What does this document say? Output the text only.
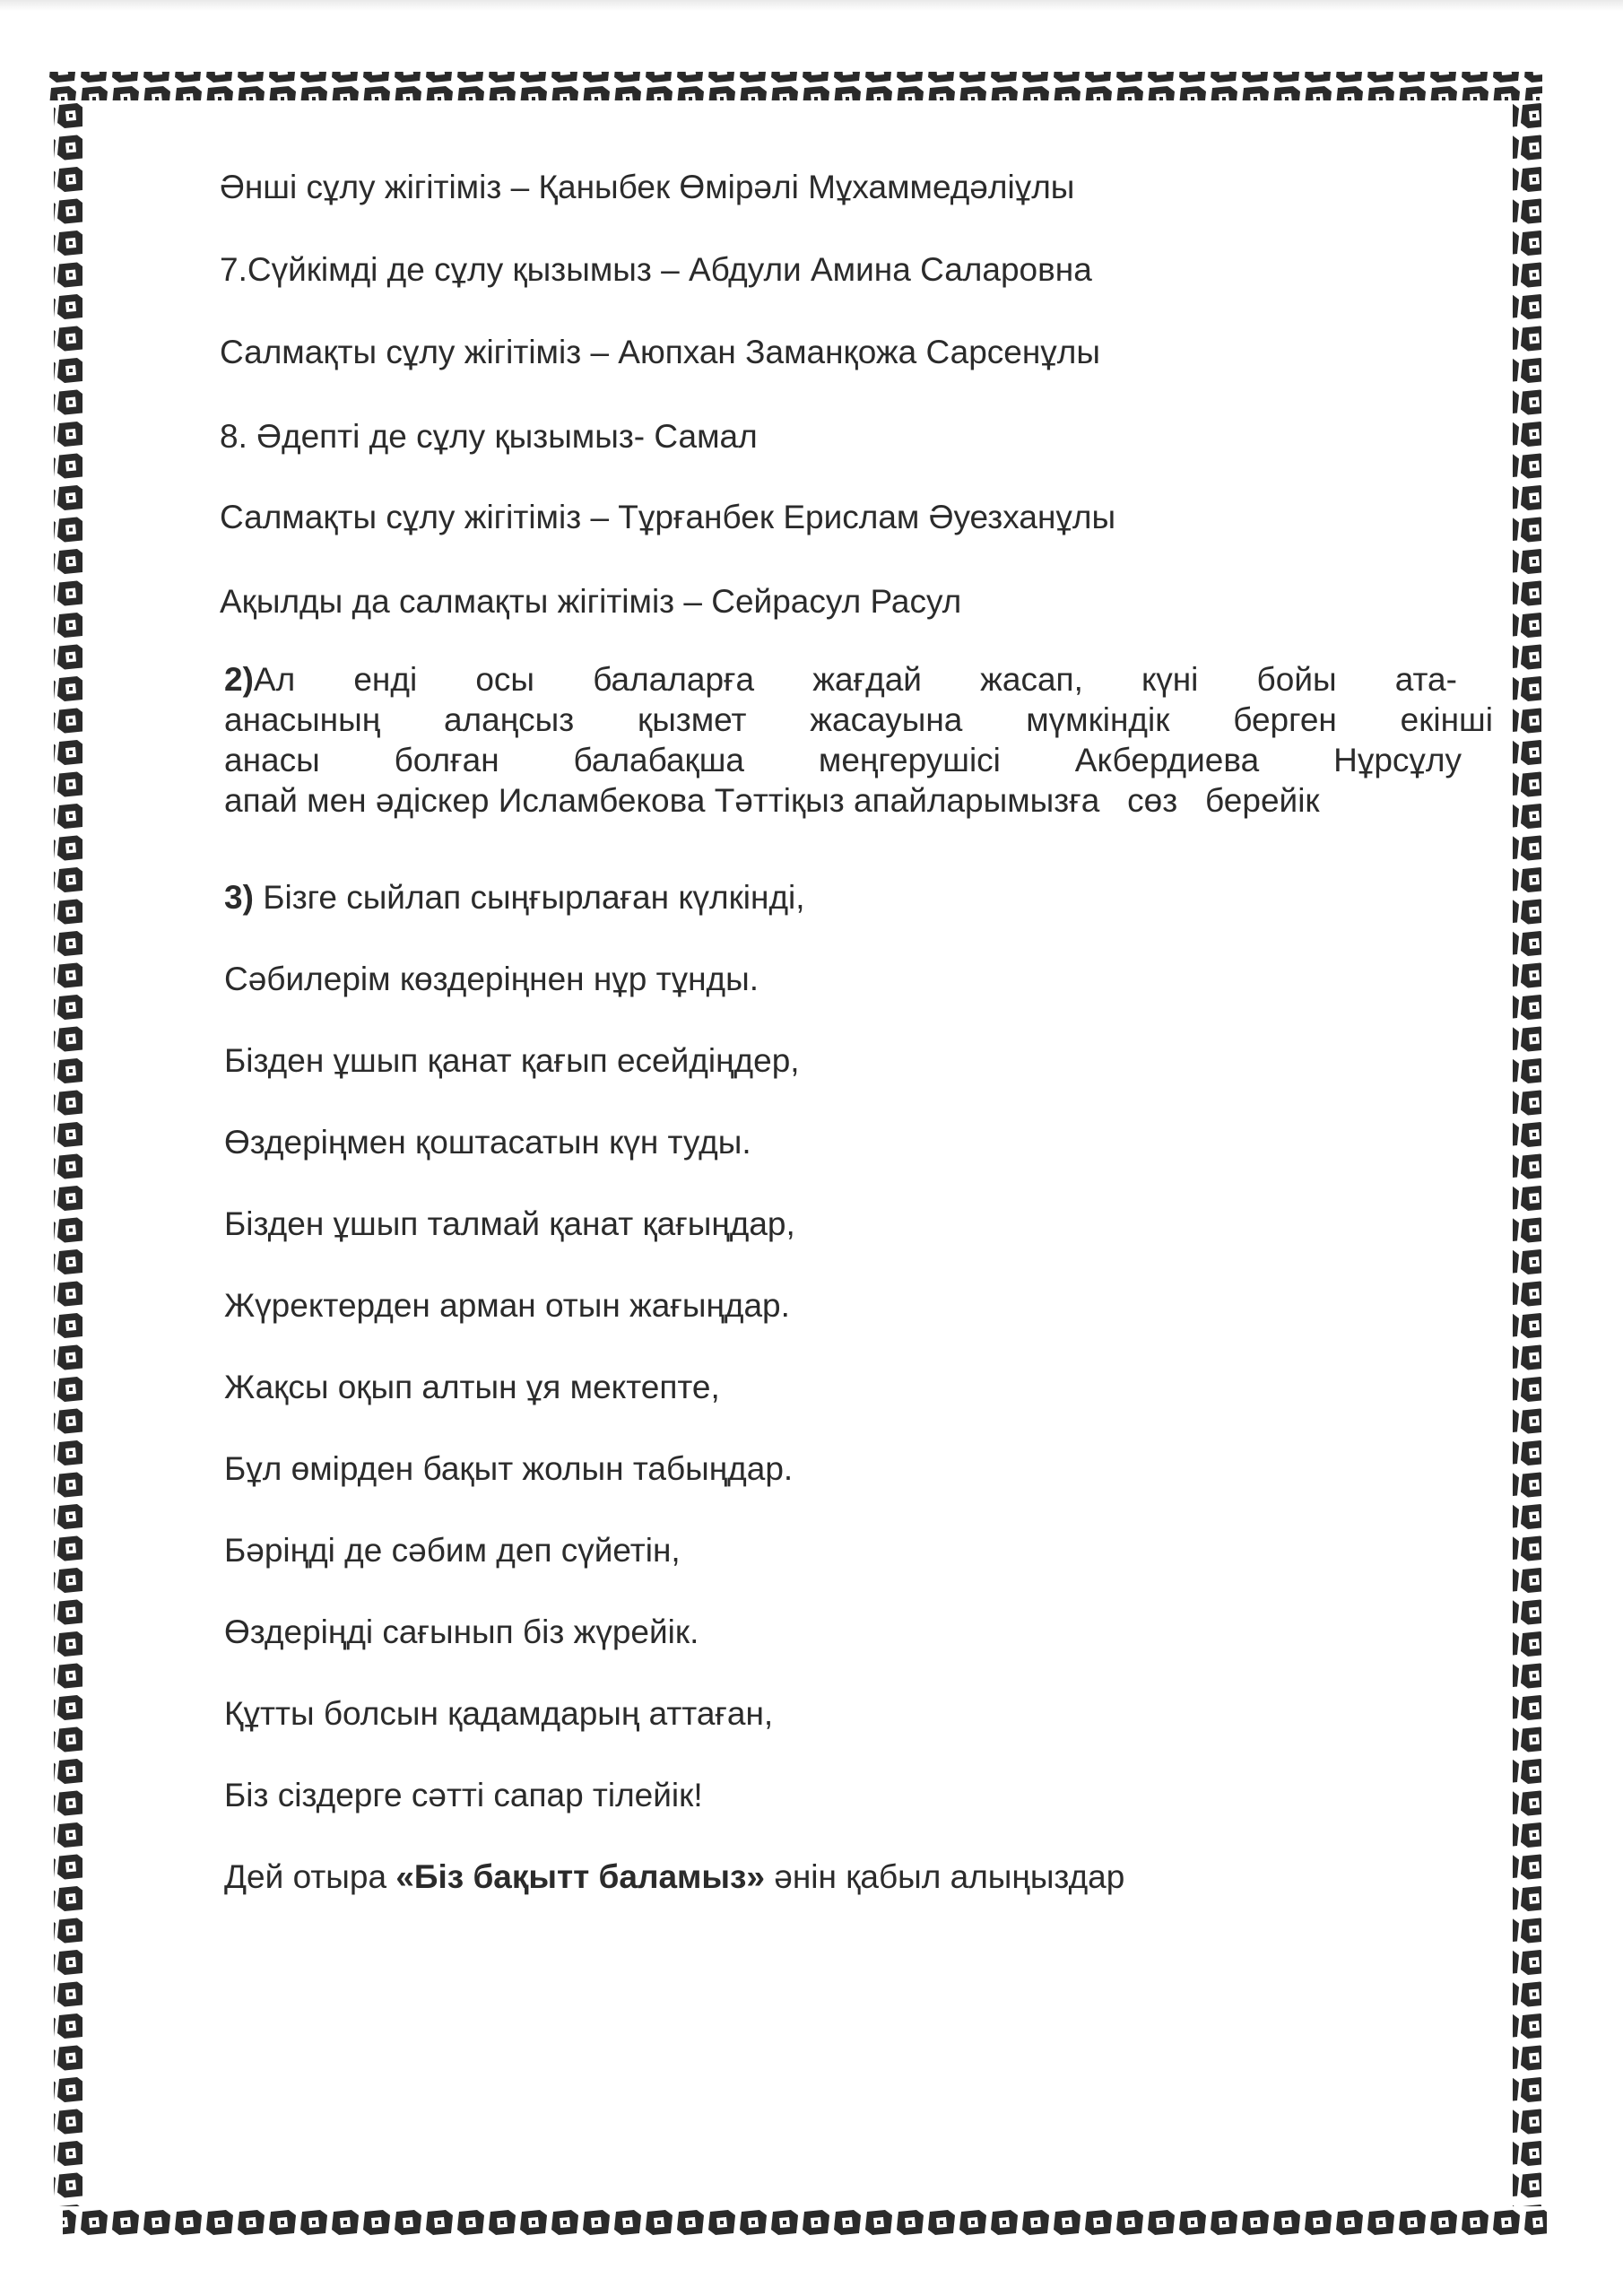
Әнші сұлу жігітіміз – Қаныбек Өмірәлі Мұхаммедәліұлы

7.Сүйкімді де сұлу қызымыз – Абдули Амина Саларовна

Салмақты сұлу жігітіміз – Аюпхан Заманқожа Сарсенұлы

8. Әдепті де сұлу қызымыз- Самал

Салмақты сұлу жігітіміз – Тұрғанбек Ерислам Әуезханұлы

Ақылды да салмақты жігітіміз – Сейрасул Расул

2)Ал енді осы балаларға жағдай жасап, күні бойы ата-
анасының алаңсыз қызмет жасауына мүмкіндік берген екінші
анасы болған балабақша меңгерушісі Акбердиева Нұрсұлу
апай мен әдіскер Исламбекова Тәттіқыз апайларымызға   сөз   берейік

3) Бізге сыйлап сыңғырлаған күлкінді,

Сәбилерім көздеріңнен нұр тұнды.

Бізден ұшып қанат қағып есейдіңдер,

Өздеріңмен қоштасатын күн туды.

Бізден ұшып талмай қанат қағыңдар,

Жүректерден арман отын жағыңдар.

Жақсы оқып алтын ұя мектепте,

Бұл өмірден бақыт жолын табыңдар.

Бәріңді де сәбим деп сүйетін,

Өздеріңді сағынып біз жүрейік.

Құтты болсын қадамдарың аттаған,

Біз сіздерге сәтті сапар тілейік!

Дей отыра «Біз бақытт баламыз» әнін қабыл алыңыздар
